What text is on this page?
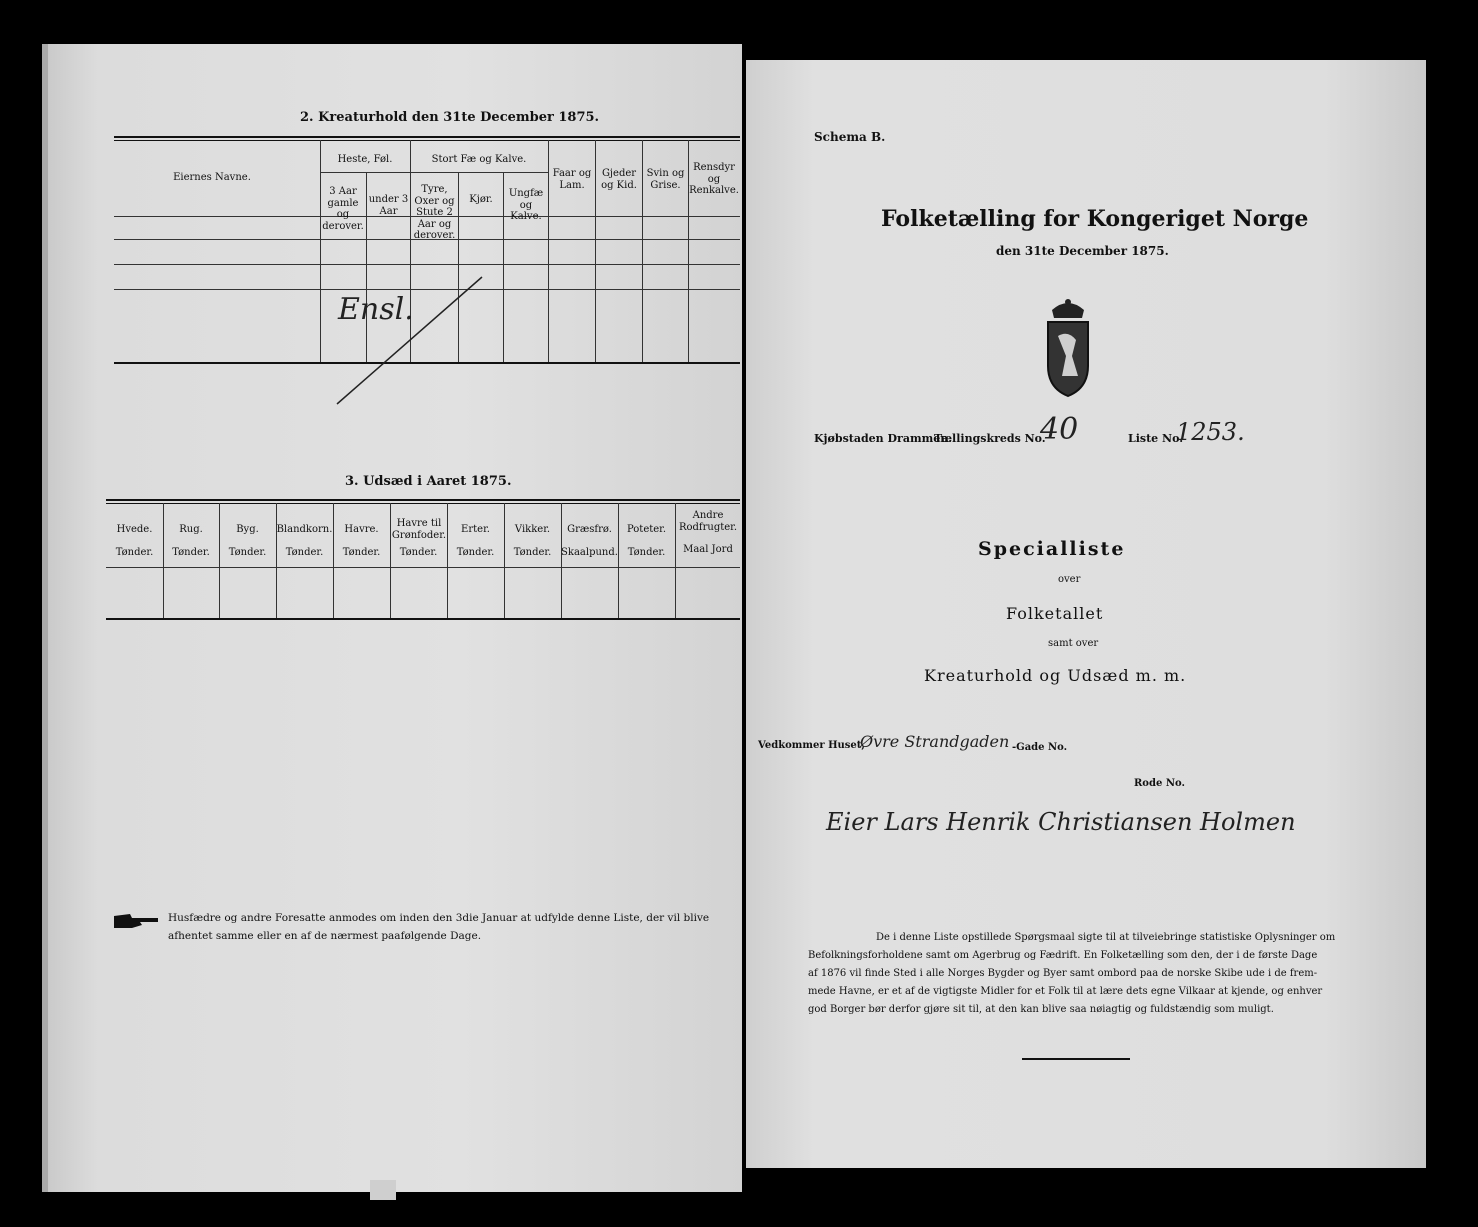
2. Kreaturhold den 31te December 1875.
Eiernes Navne.
Heste, Føl.
3 Aar gamle og derover.
under 3 Aar
Stort Fæ og Kalve.
Tyre, Oxer og Stute 2 Aar og derover.
Kjør.
Ungfæ og Kalve.
Faar og Lam.
Gjeder og Kid.
Svin og Grise.
Rensdyr og Renkalve.
Ensl.
3. Udsæd i Aaret 1875.
Hvede.
Tønder.
Rug.
Tønder.
Byg.
Tønder.
Blandkorn.
Tønder.
Havre.
Tønder.
Havre til Grønfoder.
Tønder.
Erter.
Tønder.
Vikker.
Tønder.
Græsfrø.
Skaalpund.
Poteter.
Tønder.
Andre Rodfrugter.
Maal Jord
Husfædre og andre Foresatte anmodes om inden den 3die Januar at udfylde denne Liste, der vil blive
afhentet samme eller en af de nærmest paafølgende Dage.
Schema B.
Folketælling for Kongeriget Norge
den 31te December 1875.
Kjøbstaden Drammen.
Tællingskreds No.
40	Liste No.
1253.
Specialliste
over
Folketallet
samt over
Kreaturhold og Udsæd m. m.
Vedkommer Huset,
Øvre Strandgaden -Gade No.
Rode No.
Eier Lars Henrik Christiansen Holmen
De i denne Liste opstillede Spørgsmaal sigte til at tilveiebringe statistiske Oplysninger om
Befolkningsforholdene samt om Agerbrug og Fædrift. En Folketælling som den, der i de første Dage
af 1876 vil finde Sted i alle Norges Bygder og Byer samt ombord paa de norske Skibe ude i de frem-
mede Havne, er et af de vigtigste Midler for et Folk til at lære dets egne Vilkaar at kjende, og enhver
god Borger bør derfor gjøre sit til, at den kan blive saa nøiagtig og fuldstændig som muligt.
